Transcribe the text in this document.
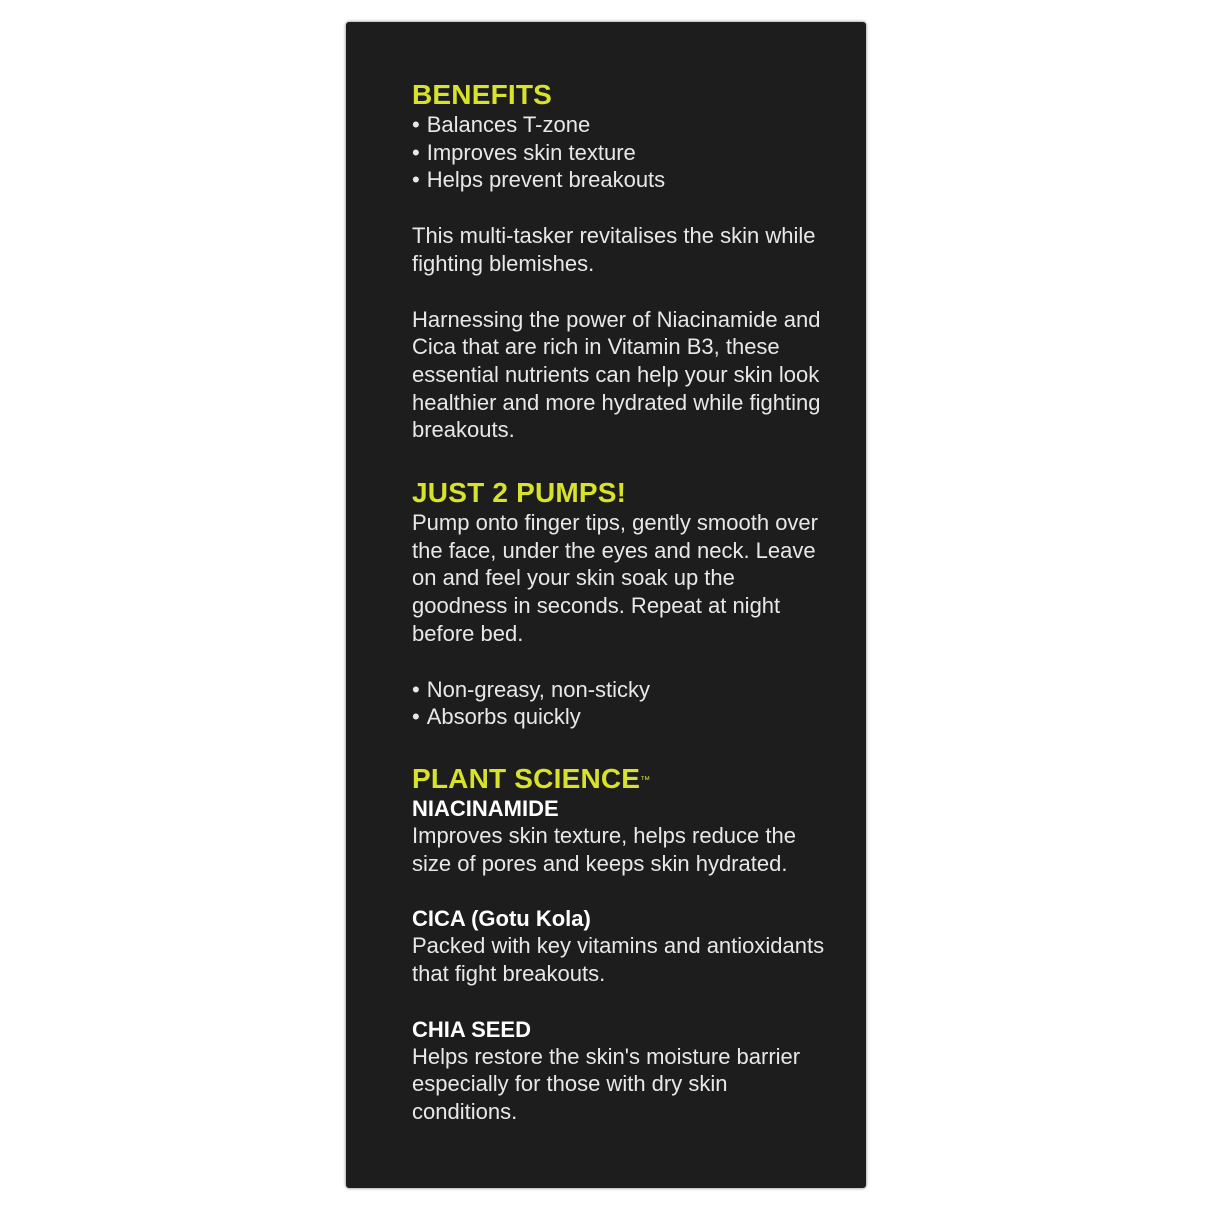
BENEFITS
• Balances T-zone
• Improves skin texture
• Helps prevent breakouts

This multi-tasker revitalises the skin while fighting blemishes.

Harnessing the power of Niacinamide and Cica that are rich in Vitamin B3, these essential nutrients can help your skin look healthier and more hydrated while fighting breakouts.

JUST 2 PUMPS!

Pump onto finger tips, gently smooth over the face, under the eyes and neck. Leave on and feel your skin soak up the goodness in seconds. Repeat at night before bed.

• Non-greasy, non-sticky
• Absorbs quickly
PLANT SCIENCE™
NIACINAMIDE

Improves skin texture, helps reduce the size of pores and keeps skin hydrated.

CICA (Gotu Kola)

Packed with key vitamins and antioxidants that fight breakouts.

CHIA SEED

Helps restore the skin's moisture barrier especially for those with dry skin conditions.
